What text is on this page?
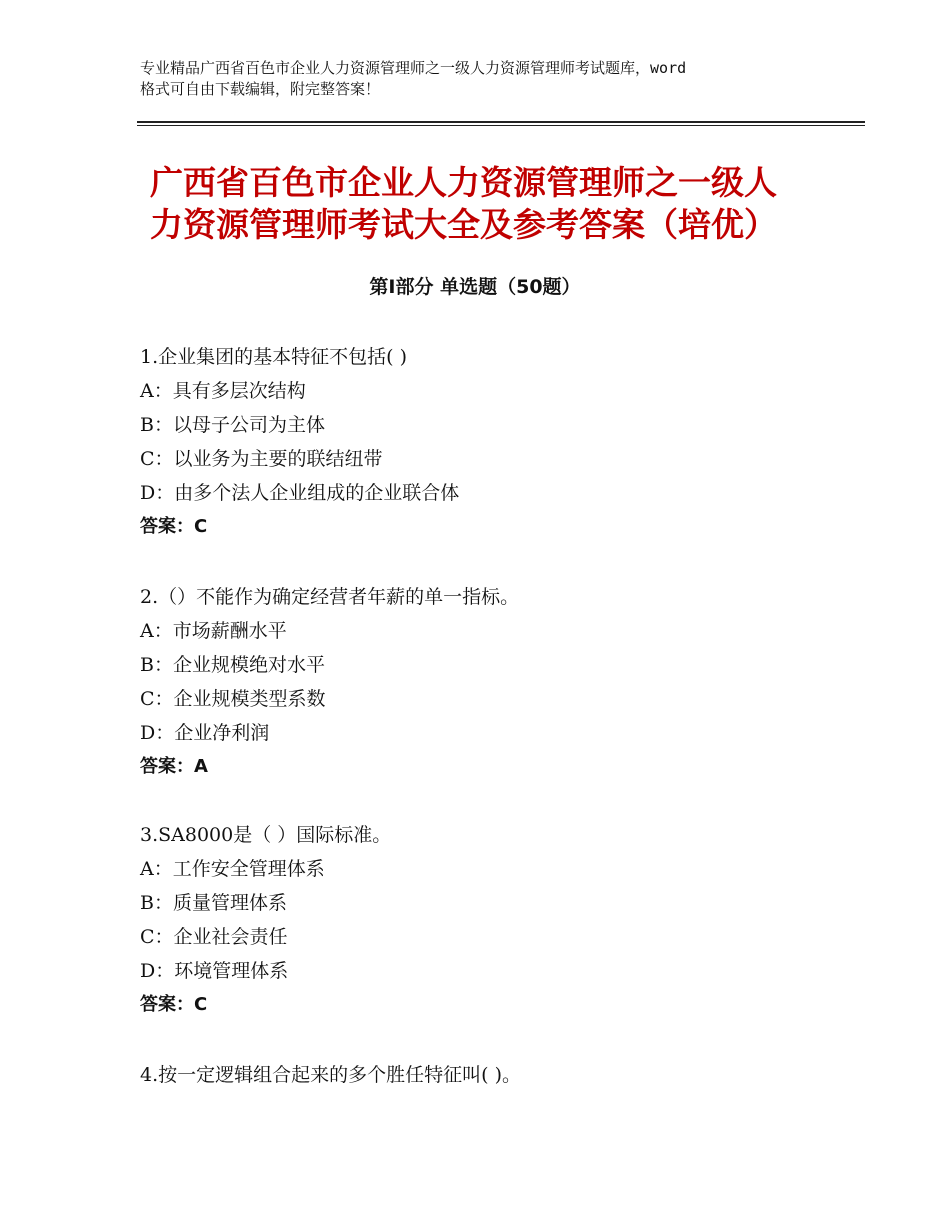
专业精品广西省百色市企业人力资源管理师之一级人力资源管理师考试题库，word
格式可自由下载编辑，附完整答案！
广西省百色市企业人力资源管理师之一级人
力资源管理师考试大全及参考答案（培优）
第Ⅰ部分 单选题（50题）
1.企业集团的基本特征不包括( )
A：具有多层次结构
B：以母子公司为主体
C：以业务为主要的联结纽带
D：由多个法人企业组成的企业联合体
答案：C
2.（）不能作为确定经营者年薪的单一指标。
A：市场薪酬水平
B：企业规模绝对水平
C：企业规模类型系数
D：企业净利润
答案：A
3.SA8000是（ ）国际标准。
A：工作安全管理体系
B：质量管理体系
C：企业社会责任
D：环境管理体系
答案：C
4.按一定逻辑组合起来的多个胜任特征叫( )。
